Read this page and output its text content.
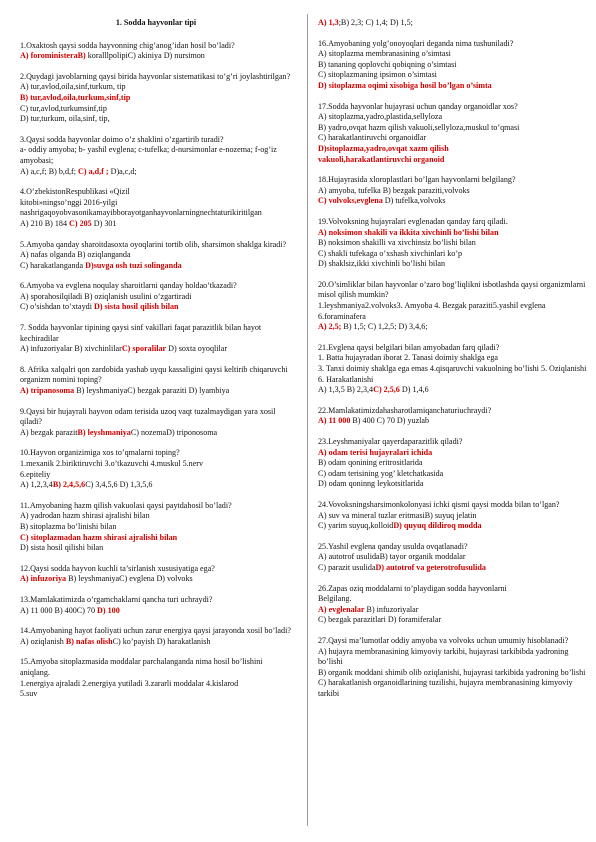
1. Sodda hayvonlar tipi
1.Oxaktosh qaysi sodda hayvonning chig’anog’idan hosil bo’ladi?
A) foroministeraB) koralllpolipiC) akiniya D) nursimon
2.Quydagi javoblarning qaysi birida hayvonlar sistematikasi to’g’ri joylashtirilgan?
A) tur,avlod,oila,sinf,turkum, tip
B) tur,avlod,oila,turkum,sinf,tip
C) tur,avlod,turkumsinf,tip
D) tur,turkum, oila,sinf, tip,
3.Qaysi sodda hayvonlar doimo o’z shaklini o’zgartirib turadi?
a- oddiy amyoba; b- yashil evglena; c-tufelka; d-nursimonlar e-nozema; f-og’iz amyobasi;
A) a,c,f; B) b,d,f; C) a,d,f ; D)a,c,d;
4.O’zbekistonRespublikasi «Qizil
kitobi»ningso’nggi 2016-yilgi
nashrigaqoyobvasonikamayibborayotganhayvonlarningnechtaturikiritilgan
A) 210 B) 184 C) 205 D) 301
5.Amyoba qanday sharoitdasoxta oyoqlarini tortib olib, sharsimon shaklga kiradi?
A) nafas olganda B) oziqlanganda
C) harakatlanganda D)suvga osh tuzi solinganda
6.Amyoba va evglena noqulay sharoitlarni qanday holdao’tkazadi?
A) sporahosilqiladi B) oziqlanish usulini o’zgartiradi
C) o’sishdan to’xtaydi D) sista hosil qilish bilan
7. Sodda hayvonlar tipining qaysi sinf vakillari faqat parazitlik bilan hayot kechiradilar
A) infuzoriyalar B) xivchinlilarC) sporalilar D) soxta oyoqlilar
8. Afrika xalqalri qon zardobida yashab uyqu kassaligini qaysi keltirib chiqaruvchi organizm nomini toping?
A) tripanosoma B) leyshmaniyaC) bezgak paraziti D) lyambiya
9.Qaysi bir hujayrali hayvon odam terisida uzoq vaqt tuzalmaydigan yara xosil qiladi?
A) bezgak parazitB) leyshmaniyaC) nozemaD) triponosoma
10.Hayvon organizimiga xos to’qmalarni toping?
1.mexanik 2.biriktiruvchi 3.o’tkazuvchi 4.muskul 5.nerv
6.epiteliy
A) 1,2,3,4B) 2,4,5,6C) 3,4,5,6 D) 1,3,5,6
11.Amyobaning hazm qilish vakuolasi qaysi paytdahosil bo’ladi?
A) yadrodan hazm shirasi ajralishi bilan
B) sitoplazma bo’linishi bilan
C) sitoplazmadan hazm shirasi ajralishi bilan
D) sista hosil qilishi bilan
12.Qaysi sodda hayvon kuchli ta’sirlanish xususiyatiga ega?
A) infuzoriya B) leyshmaniyaC) evglena D) volvoks
13.Mamlakatimizda o’rgamchaklarni qancha turi uchraydi?
A) 11 000 B) 400C) 70 D) 100
14.Amyobaning hayot faoliyati uchun zarur energiya qaysi jarayonda xosil bo’ladi?
A) oziqlanish B) nafas olishC) ko’payish D) harakatlanish
15.Amyoba sitoplazmasida moddalar parchalanganda nima hosil bo’lishini aniqlang.
1.energiya ajraladi 2.energiya yutiladi 3.zararli moddalar 4.kislarod
5.suv
A) 1,3;B) 2,3; C) 1,4; D) 1,5;
16.Amyobaning yolg’onoyoqlari deganda nima tushuniladi?
A) sitoplazma membranasining o’simtasi
B) tananing qoplovchi qobiqning o’simtasi
C) sitoplazmaning ipsimon o’simtasi
D) sitoplazma oqimi xisobiga hosil bo’lgan o’simta
17.Sodda hayvonlar hujayrasi uchun qanday organoidlar xos?
A) sitoplazma,yadro,plastida,sellyloza
B) yadro,ovqat hazm qilish vakuoli,sellyloza,muskul to’qmasi
C) harakatlantiruvchi organoidlar
D)sitoplazma,yadro,ovqat xazm qilish
vakuoli,harakatlantiruvchi organoid
18.Hujayrasida xloroplastlari bo’lgan hayvonlarni belgilang?
A) amyoba, tufelka B) bezgak paraziti,volvoks
C) volvoks,evglena D) tufelka,volvoks
19.Volvoksning hujayralari evglenadan qanday farq qiladi.
A) noksimon shakili va ikkita xivchinli bo’lishi bilan
B) noksimon shakilli va xivchinsiz bo’lishi bilan
C) shakli tufekaga o’xshash xivchinlari ko’p
D) shaklsiz,ikki xivchinli bo’lishi bilan
20.O’simliklar bilan hayvonlar o’zaro bog’liqlikni isbotlashda qaysi organizmlarni misol qilish mumkin?
1.leyshmaniya2.volvoks3. Amyoba 4. Bezgak paraziti5.yashil evglena 6.foraminafera
A) 2,5; B) 1,5; C) 1,2,5; D) 3,4,6;
21.Evglena qaysi belgilari bilan amyobadan farq qiladi?
1. Batta hujayradan iborat 2. Tanasi doimiy shaklga ega
3. Tanxi doimiy shaklga ega emas 4.qisqaruvchi vakuolning bo’lishi 5. Oziqlanishi 6. Harakatlanishi
A) 1,3,5 B) 2,3,4C) 2,5,6 D) 1,4,6
22.Mamlakatimizdahasharotlarniqanchaturiuchraydi?
A) 11 000 B) 400 C) 70 D) yuzlab
23.Leyshmaniyalar qayerdaparazitlik qiladi?
A) odam terisi hujayralari ichida
B) odam qonining eritrositlarida
C) odam terisining yog’ kletchatkasida
D) odam qoninng leykotsitlarida
24.Vovoksningsharsimonkolonyasi ichki qismi qaysi modda bilan to’lgan?
A) suv va mineral tuzlar eritmasiB) suyuq jelatin
C) yarim suyuq,kolloidD) quyuq dildiroq modda
25.Yashil evglena qanday usulda ovqatlanadi?
A) autotrof usulidaB) tayor organik moddalar
C) parazit usulidaD) autotrof va geterotrofusulida
26.Zapas oziq moddalarni to’playdigan sodda hayvonlarni
Belgilang.
A) evglenalar B) infuzoriyalar
C) bezgak parazitlari D) foramiferalar
27.Qaysi ma’lumotlar oddiy amyoba va volvoks uchun umumiy hisoblanadi?
A) hujayra membranasining kimyoviy tarkibi, hujayrasi tarkibibda yadroning bo’lishi
B) organik moddani shimib olib oziqlanishi, hujayrasi tarkibida yadroning bo’lishi
C) harakatlanish organoidlarining tuzilishi, hujayra membranasining kimyoviy tarkibi
